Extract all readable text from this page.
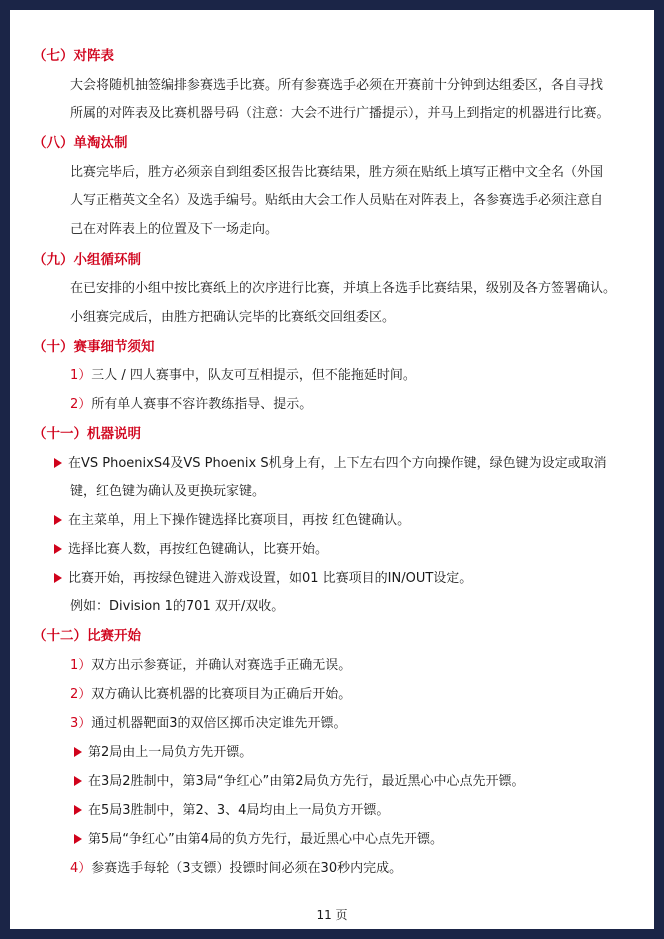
（七）对阵表
大会将随机抽签编排参赛选手比赛。所有参赛选手必须在开赛前十分钟到达组委区，各自寻找
所属的对阵表及比赛机器号码（注意：大会不进行广播提示），并马上到指定的机器进行比赛。
（八）单淘汰制
比赛完毕后，胜方必须亲自到组委区报告比赛结果，胜方须在贴纸上填写正楷中文全名（外国
人写正楷英文全名）及选手编号。贴纸由大会工作人员贴在对阵表上，各参赛选手必须注意自
己在对阵表上的位置及下一场走向。
（九）小组循环制
在已安排的小组中按比赛纸上的次序进行比赛，并填上各选手比赛结果，级别及各方签署确认。
小组赛完成后，由胜方把确认完毕的比赛纸交回组委区。
（十）赛事细节须知
1）三人 / 四人赛事中，队友可互相提示，但不能拖延时间。
2）所有单人赛事不容许教练指导、提示。
（十一）机器说明
在VS PhoenixS4及VS Phoenix S机身上有，上下左右四个方向操作键，绿色键为设定或取消
键，红色键为确认及更换玩家键。
在主菜单，用上下操作键选择比赛项目，再按 红色键确认。
选择比赛人数，再按红色键确认，比赛开始。
比赛开始，再按绿色键进入游戏设置，如01 比赛项目的IN/OUT设定。
例如：Division 1的701 双开/双收。
（十二）比赛开始
1）双方出示参赛证，并确认对赛选手正确无误。
2）双方确认比赛机器的比赛项目为正确后开始。
3）通过机器靶面3的双倍区掷币决定谁先开镖。
第2局由上一局负方先开镖。
在3局2胜制中，第3局“争红心”由第2局负方先行，最近黑心中心点先开镖。
在5局3胜制中，第2、3、4局均由上一局负方开镖。
第5局“争红心”由第4局的负方先行，最近黑心中心点先开镖。
4）参赛选手每轮（3支镖）投镖时间必须在30秒内完成。
11 页
